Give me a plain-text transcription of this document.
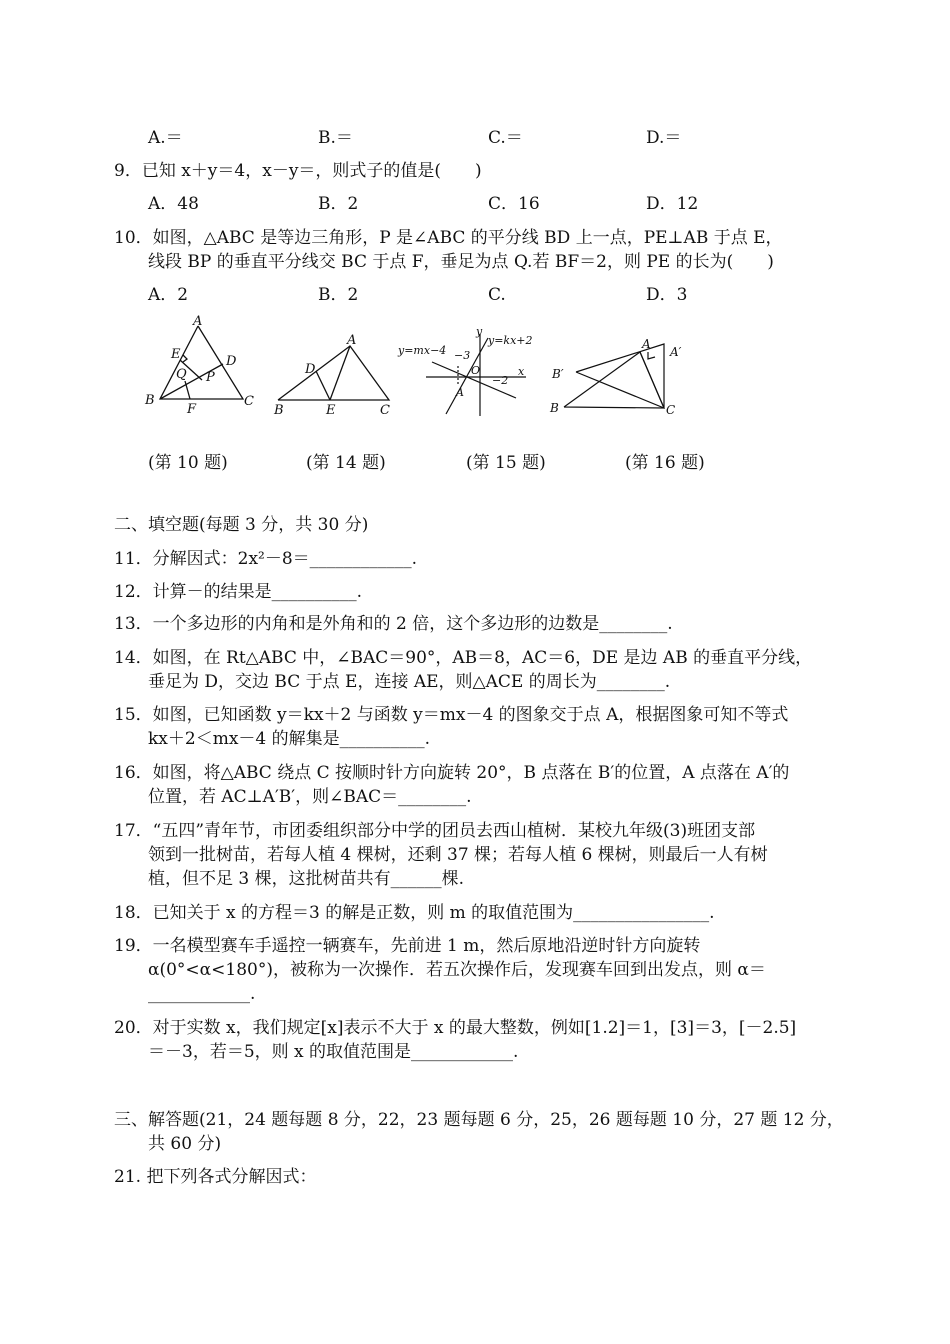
A.＝	B.＝	C.＝	D.＝
9．已知 x＋y＝4，x－y＝，则式子的值是(　　)
A．48	B．2	C．16	D．12
10．如图，△ABC 是等边三角形，P 是∠ABC 的平分线 BD 上一点，PE⊥AB 于点 E，
线段 BP 的垂直平分线交 BC 于点 F，垂足为点 Q.若 BF＝2，则 PE 的长为(　　)
A．2	B．2	C.	D．3
A
B	C
D
E
F
P
Q
A
B	C
D
E
y
x
y=mx−4
y=kx+2
−3
−2
O
A
A
A′
B′
B	C
(第 10 题)	(第 14 题)	(第 15 题)	(第 16 题)
二、填空题(每题 3 分，共 30 分)
11．分解因式：2x²－8＝____________.
12．计算－的结果是__________.
13．一个多边形的内角和是外角和的 2 倍，这个多边形的边数是________.
14．如图，在 Rt△ABC 中，∠BAC＝90°，AB＝8，AC＝6，DE 是边 AB 的垂直平分线，
垂足为 D，交边 BC 于点 E，连接 AE，则△ACE 的周长为________.
15．如图，已知函数 y＝kx＋2 与函数 y＝mx－4 的图象交于点 A，根据图象可知不等式
kx＋2＜mx－4 的解集是__________.
16．如图，将△ABC 绕点 C 按顺时针方向旋转 20°，B 点落在 B′的位置，A 点落在 A′的
位置，若 AC⊥A′B′，则∠BAC＝________.
17．“五四”青年节，市团委组织部分中学的团员去西山植树．某校九年级(3)班团支部
领到一批树苗，若每人植 4 棵树，还剩 37 棵；若每人植 6 棵树，则最后一人有树
植，但不足 3 棵，这批树苗共有______棵.
18．已知关于 x 的方程＝3 的解是正数，则 m 的取值范围为________________.
19．一名模型赛车手遥控一辆赛车，先前进 1 m，然后原地沿逆时针方向旋转
α(0°<α<180°)，被称为一次操作．若五次操作后，发现赛车回到出发点，则 α＝
____________.
20．对于实数 x，我们规定[x]表示不大于 x 的最大整数，例如[1.2]＝1，[3]＝3，[－2.5]
＝－3，若＝5，则 x 的取值范围是____________.
三、解答题(21，24 题每题 8 分，22，23 题每题 6 分，25，26 题每题 10 分，27 题 12 分，
共 60 分)
21. 把下列各式分解因式：
